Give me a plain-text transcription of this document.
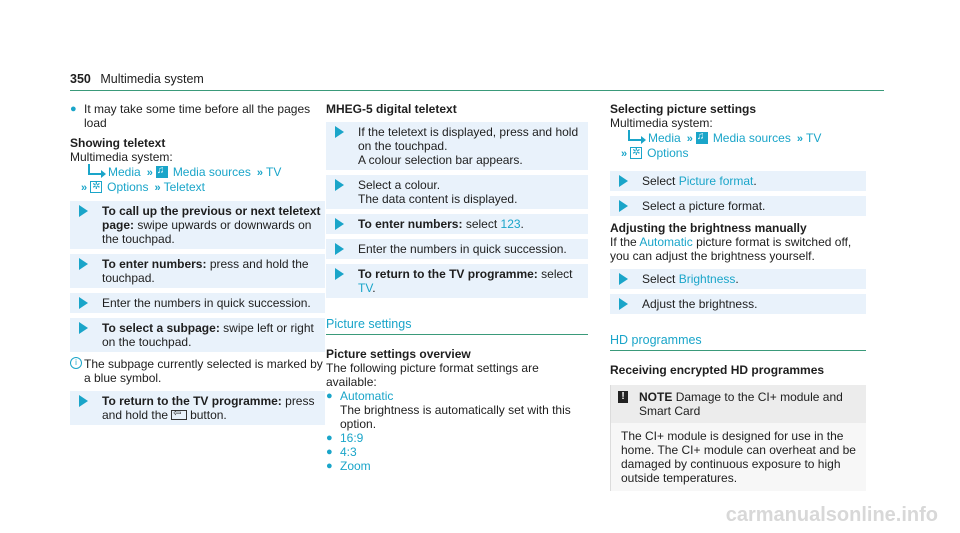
350 Multimedia system
● It may take some time before all the pages load
Showing teletext
Multimedia system:
Media » ♫ Media sources » TV
» ✲ Options » Teletext
To call up the previous or next teletext page: swipe upwards or downwards on the touchpad.
To enter numbers: press and hold the touchpad.
Enter the numbers in quick succession.
To select a subpage: swipe left or right on the touchpad.
i The subpage currently selected is marked by a blue symbol.
To return to the TV programme: press and hold the ⇦ button.
MHEG-5 digital teletext
If the teletext is displayed, press and hold on the touchpad.
A colour selection bar appears.
Select a colour.
The data content is displayed.
To enter numbers: select 123.
Enter the numbers in quick succession.
To return to the TV programme: select TV.
Picture settings
Picture settings overview
The following picture format settings are available:
● Automatic
The brightness is automatically set with this option.
● 16:9
● 4:3
● Zoom
Selecting picture settings
Multimedia system:
Media » ♫ Media sources » TV
» ✲ Options
Select Picture format.
Select a picture format.
Adjusting the brightness manually
If the Automatic picture format is switched off, you can adjust the brightness yourself.
Select Brightness.
Adjust the brightness.
HD programmes
Receiving encrypted HD programmes
! NOTE Damage to the CI+ module and Smart Card
The CI+ module is designed for use in the home. The CI+ module can overheat and be damaged by continuous exposure to high outside temperatures.
carmanualsonline.info
